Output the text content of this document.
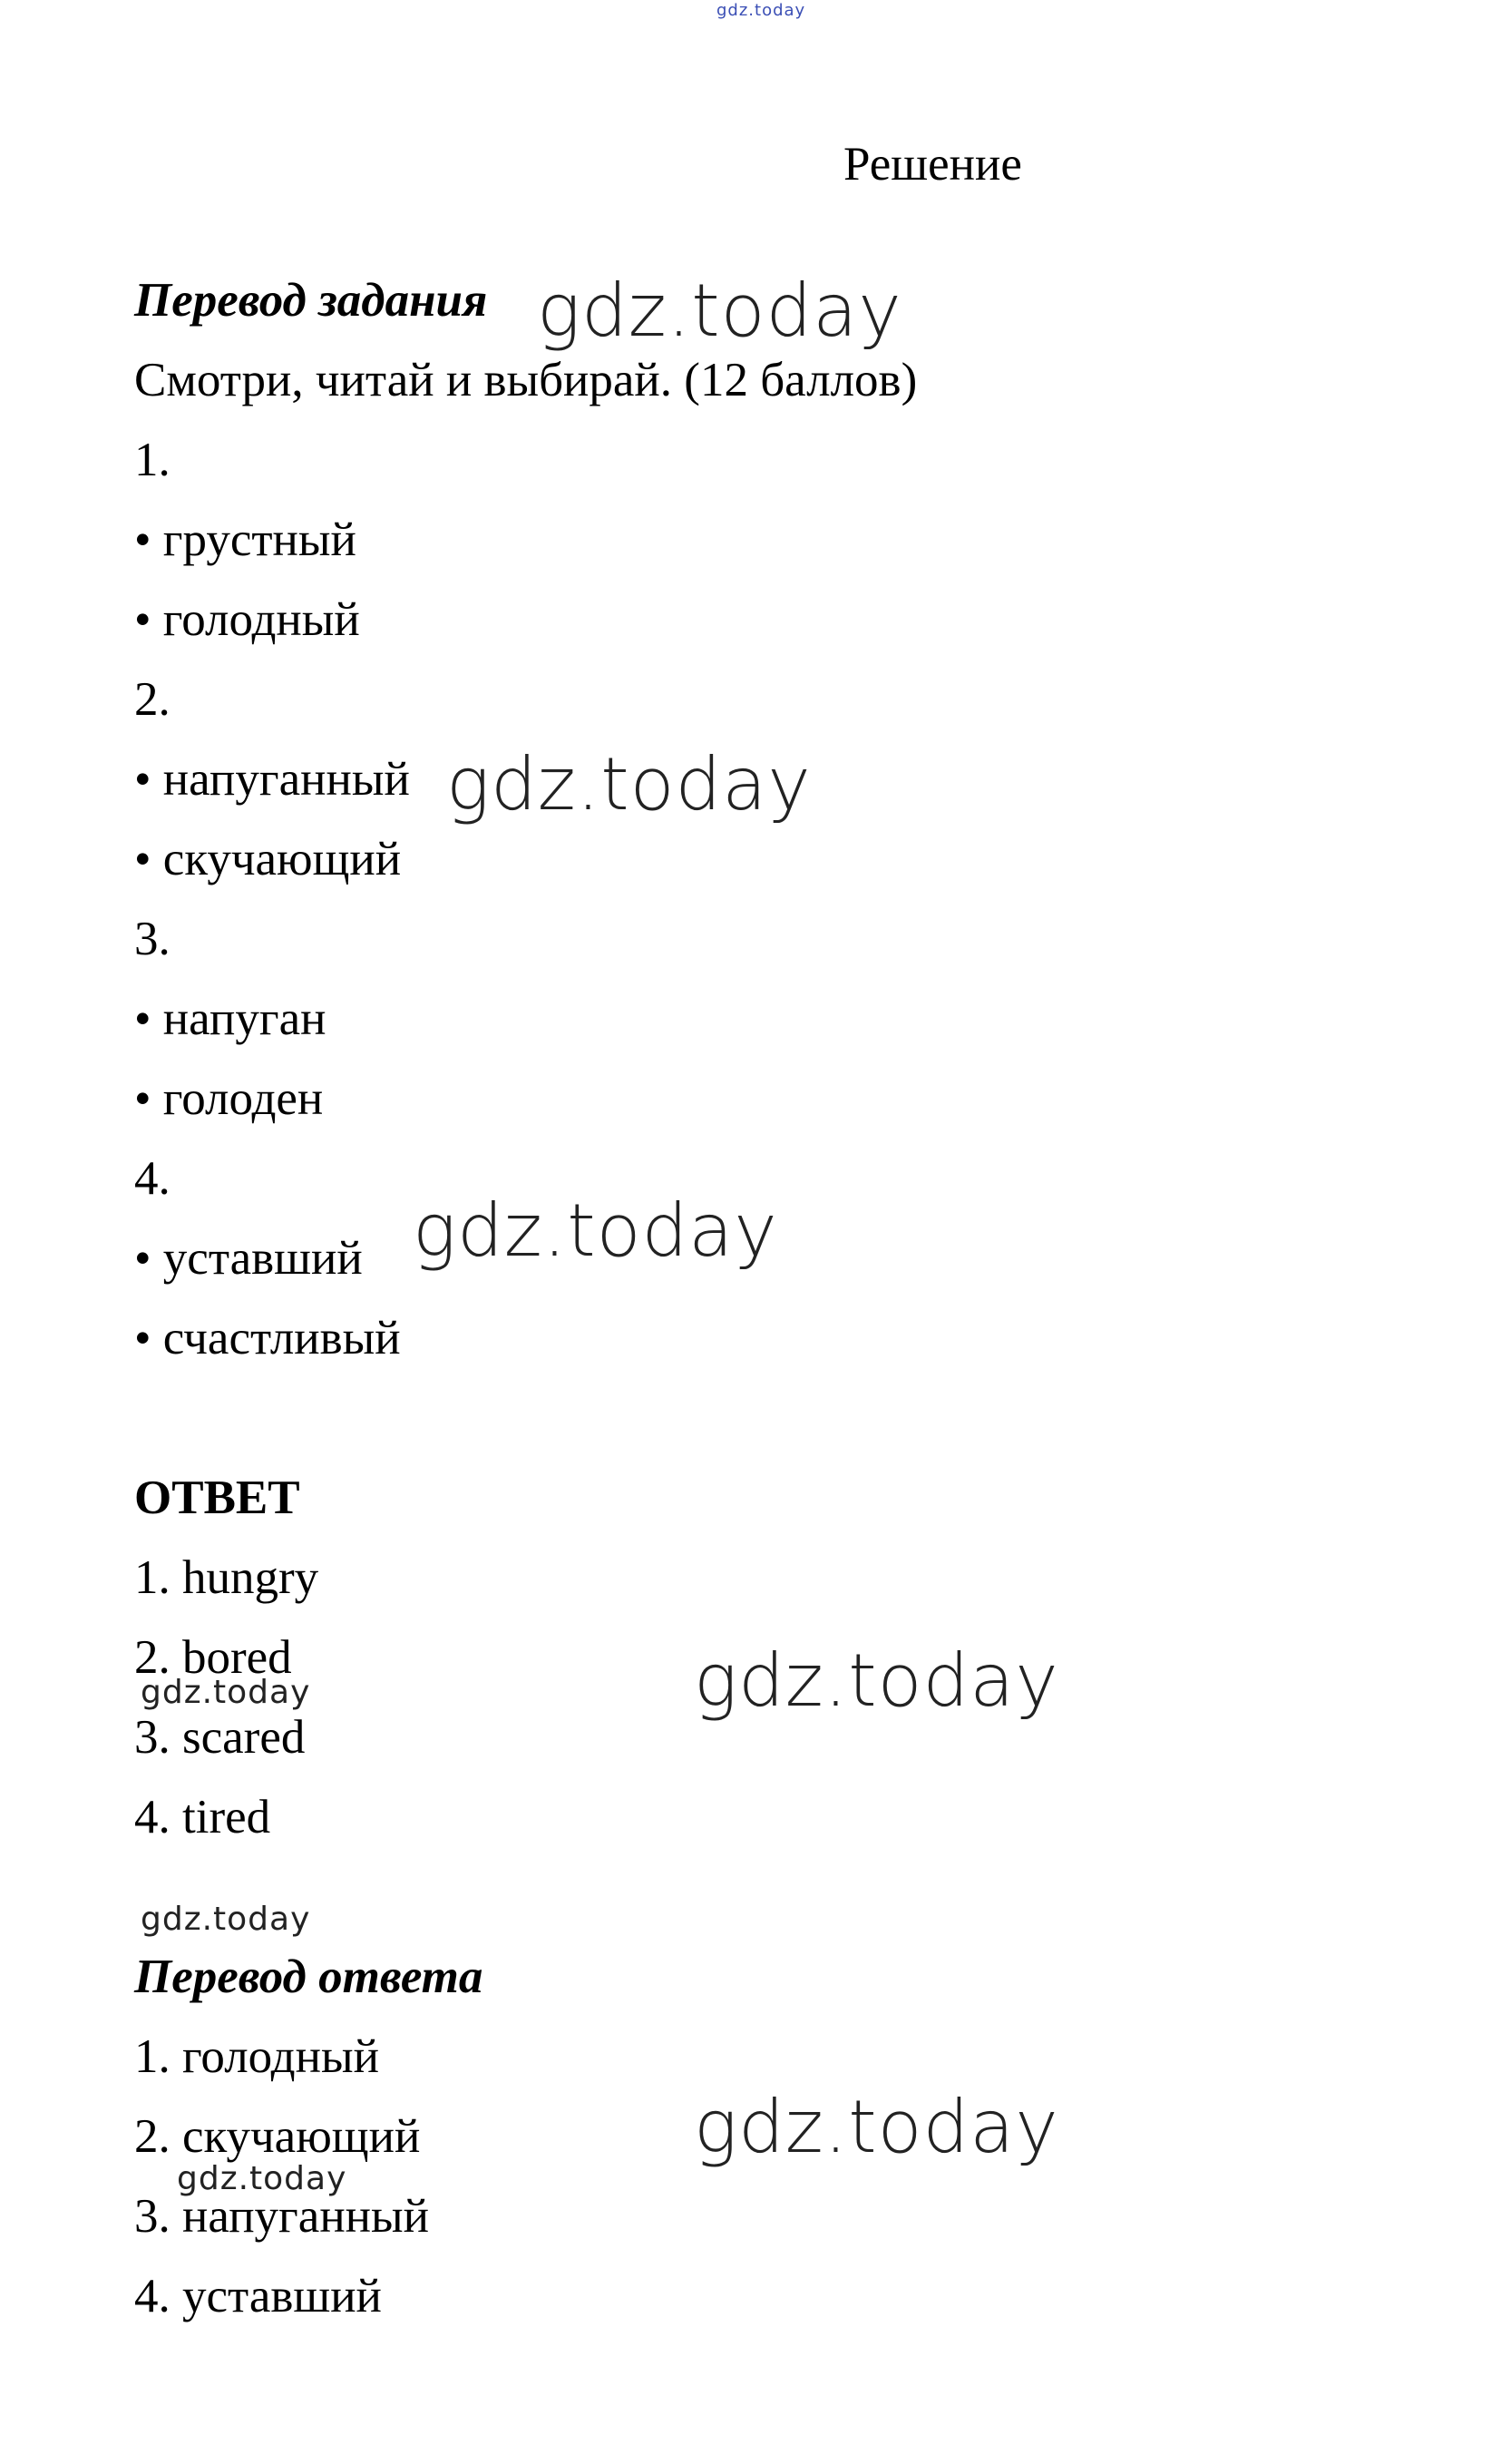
gdz.today
Решение
Перевод задания gdz.today
Смотри, читай и выбирай. (12 баллов)
1.
• грустный
• голодный
2.
• напуганный gdz.today
• скучающий
3.
• напуган
• голоден
4.
• уставший gdz.today
• счастливый
ОТВЕТ
1. hungry
2. bored
gdz.today	gdz.today
3. scared
4. tired
gdz.today
Перевод ответа
1. голодный
2. скучающий	gdz.today
gdz.today
3. напуганный
4. уставший
